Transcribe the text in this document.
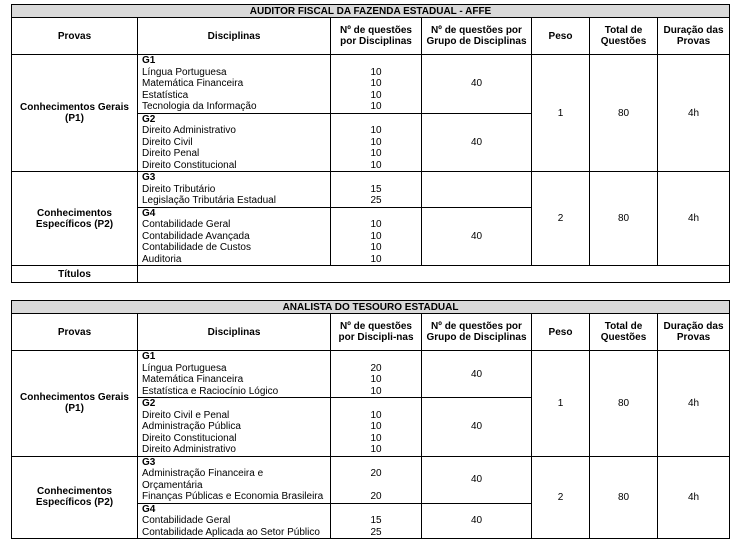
AUDITOR FISCAL DA FAZENDA ESTADUAL - AFFE						
Provas	Disciplinas	Nº de questões por Disciplinas	Nº de questões por Grupo de Disciplinas	Peso	Total de Questões	Duração das Provas
Conhecimentos Gerais (P1)	G1
Língua Portuguesa
Matemática Financeira
Estatística
Tecnologia da Informação	10
10
10
10	40	1	80	4h

	G2
Direito Administrativo
Direito Civil
Direito Penal
Direito Constitucional	10
10
10
10	40			
Conhecimentos Específicos (P2)	G3
Direito Tributário
Legislação Tributária Estadual	15
25		2	80	4h

	G4
Contabilidade Geral
Contabilidade Avançada
Contabilidade de Custos
Auditoria	10
10
10
10	40			
Títulos						
ANALISTA DO TESOURO ESTADUAL						
Provas	Disciplinas	Nº de questões por Discipli-nas	Nº de questões por Grupo de Disciplinas	Peso	Total de Questões	Duração das Provas
Conhecimentos Gerais (P1)	G1
Língua Portuguesa
Matemática Financeira
Estatística e Raciocínio Lógico	20
10
10	40	1	80	4h

	G2
Direito Civil e Penal
Administração Pública
Direito Constitucional
Direito Administrativo	10
10
10
10	40			
Conhecimentos Específicos (P2)	G3
Administração Financeira e Orçamentária
Finanças Públicas e Economia Brasileira	20
20	40	2	80	4h

	G4
Contabilidade Geral
Contabilidade Aplicada ao Setor Público	15
25	40			
